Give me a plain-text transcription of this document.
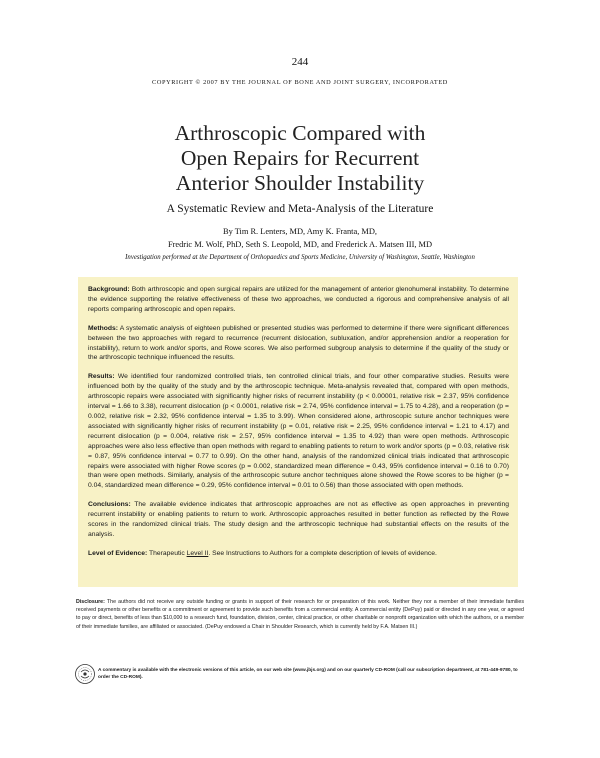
244
COPYRIGHT © 2007 BY THE JOURNAL OF BONE AND JOINT SURGERY, INCORPORATED
Arthroscopic Compared with
Open Repairs for Recurrent
Anterior Shoulder Instability
A Systematic Review and Meta-Analysis of the Literature
By Tim R. Lenters, MD, Amy K. Franta, MD,
Fredric M. Wolf, PhD, Seth S. Leopold, MD, and Frederick A. Matsen III, MD
Investigation performed at the Department of Orthopaedics and Sports Medicine, University of Washington, Seattle, Washington

Background: Both arthroscopic and open surgical repairs are utilized for the management of anterior glenohumeral instability. To determine the evidence supporting the relative effectiveness of these two approaches, we conducted a rigorous and comprehensive analysis of all reports comparing arthroscopic and open repairs.

Methods: A systematic analysis of eighteen published or presented studies was performed to determine if there were significant differences between the two approaches with regard to recurrence (recurrent dislocation, subluxation, and/or apprehension and/or a reoperation for instability), return to work and/or sports, and Rowe scores. We also performed subgroup analysis to determine if the quality of the study or the arthroscopic technique influenced the results.

Results: We identified four randomized controlled trials, ten controlled clinical trials, and four other comparative studies. Results were influenced both by the quality of the study and by the arthroscopic technique. Meta-analysis revealed that, compared with open methods, arthroscopic repairs were associated with significantly higher risks of recurrent instability (p < 0.00001, relative risk = 2.37, 95% confidence interval = 1.66 to 3.38), recurrent dislocation (p < 0.0001, relative risk = 2.74, 95% confidence interval = 1.75 to 4.28), and a reoperation (p = 0.002, relative risk = 2.32, 95% confidence interval = 1.35 to 3.99). When considered alone, arthroscopic suture anchor techniques were associated with significantly higher risks of recurrent instability (p = 0.01, relative risk = 2.25, 95% confidence interval = 1.21 to 4.17) and recurrent dislocation (p = 0.004, relative risk = 2.57, 95% confidence interval = 1.35 to 4.92) than were open methods. Arthroscopic approaches were also less effective than open methods with regard to enabling patients to return to work and/or sports (p = 0.03, relative risk = 0.87, 95% confidence interval = 0.77 to 0.99). On the other hand, analysis of the randomized clinical trials indicated that arthroscopic repairs were associated with higher Rowe scores (p = 0.002, standardized mean difference = 0.43, 95% confidence interval = 0.16 to 0.70) than were open methods. Similarly, analysis of the arthroscopic suture anchor techniques alone showed the Rowe scores to be higher (p = 0.04, standardized mean difference = 0.29, 95% confidence interval = 0.01 to 0.56) than those associated with open methods.

Conclusions: The available evidence indicates that arthroscopic approaches are not as effective as open approaches in preventing recurrent instability or enabling patients to return to work. Arthroscopic approaches resulted in better function as reflected by the Rowe scores in the randomized clinical trials. The study design and the arthroscopic technique had substantial effects on the results of the analysis.

Level of Evidence: Therapeutic Level II. See Instructions to Authors for a complete description of levels of evidence.

Disclosure: The authors did not receive any outside funding or grants in support of their research for or preparation of this work. Neither they nor a member of their immediate families received payments or other benefits or a commitment or agreement to provide such benefits from a commercial entity. A commercial entity (DePuy) paid or directed in any one year, or agreed to pay or direct, benefits of less than $10,000 to a research fund, foundation, division, center, clinical practice, or other charitable or nonprofit organization with which the authors, or a member of their immediate families, are affiliated or associated. (DePuy endowed a Chair in Shoulder Research, which is currently held by F.A. Matsen III.)
A commentary is available with the electronic versions of this article, on our web site (www.jbjs.org) and on our quarterly CD-ROM (call our subscription department, at 781-449-9780, to order the CD-ROM).
